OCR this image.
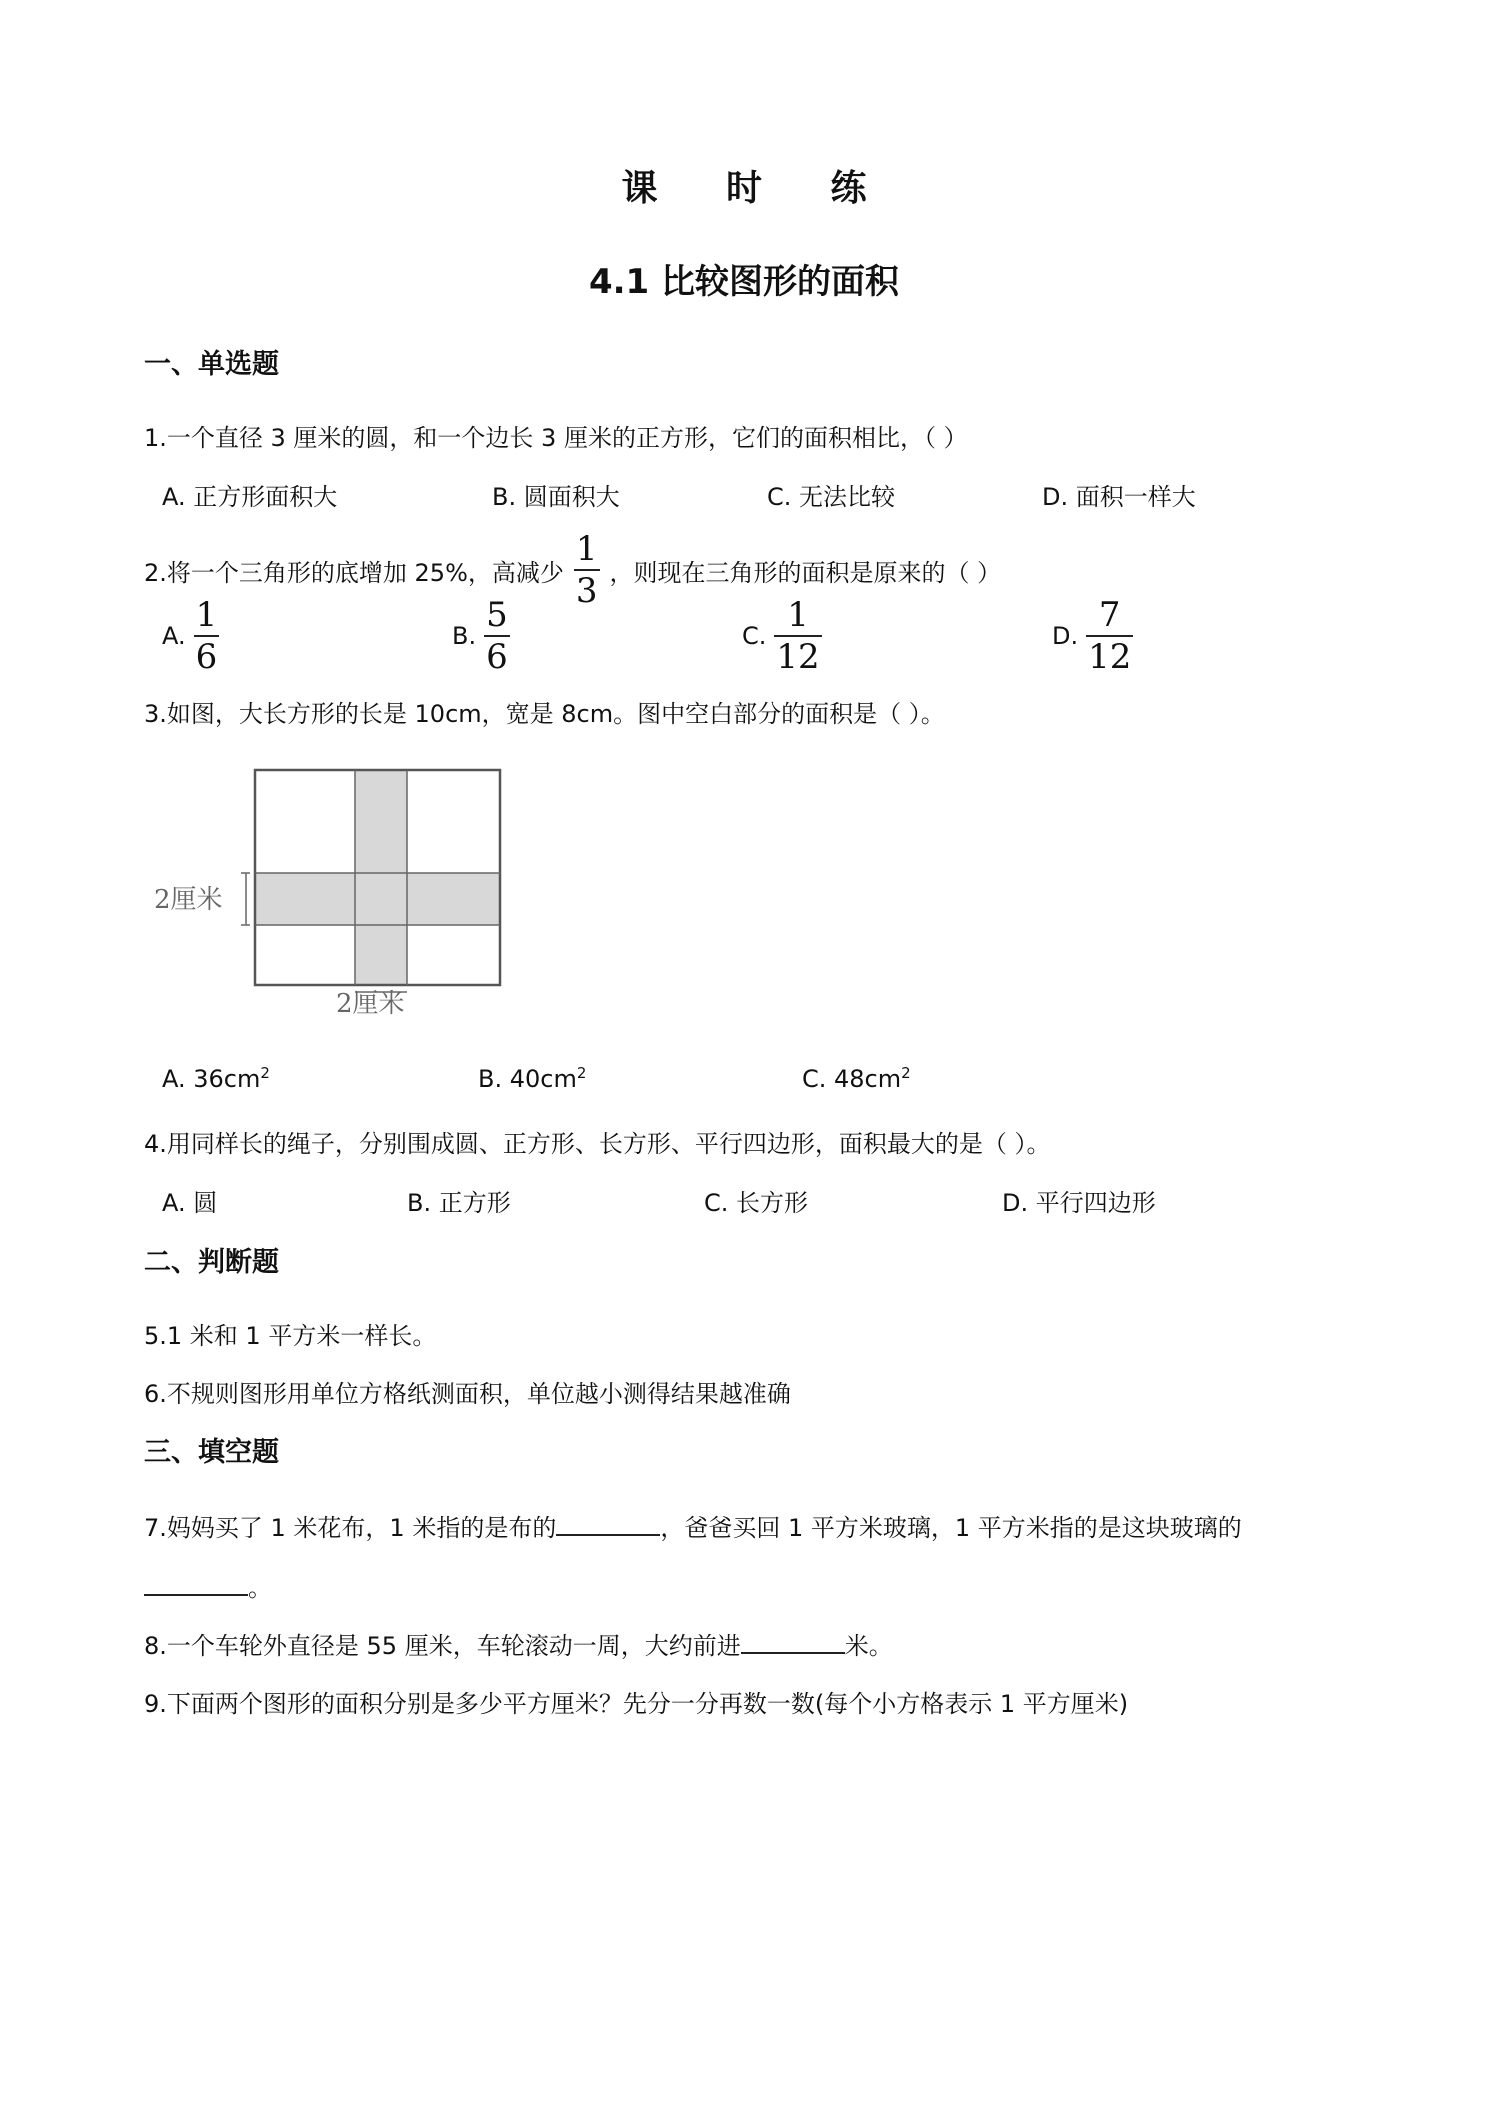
课 时 练
4.1 比较图形的面积
一、单选题
1.一个直径 3 厘米的圆，和一个边长 3 厘米的正方形，它们的面积相比，（ ）
A. 正方形面积大	B. 圆面积大	C. 无法比较	D. 面积一样大
2.将一个三角形的底增加 25%，高减少 $\frac{1}{3}$ ，则现在三角形的面积是原来的（ ）
A. $\frac{1}{6}$	B. $\frac{5}{6}$	C. $\frac{1}{12}$	D. $\frac{7}{12}$
3.如图，大长方形的长是 10cm，宽是 8cm。图中空白部分的面积是（ ）。
2厘米
2厘米
A. $36cm^2$	B. $40cm^2$	C. $48cm^2$
4.用同样长的绳子，分别围成圆、正方形、长方形、平行四边形，面积最大的是（ ）。
A. 圆	B. 正方形	C. 长方形	D. 平行四边形
二、判断题
5.1 米和 1 平方米一样长。
6.不规则图形用单位方格纸测面积，单位越小测得结果越准确
三、填空题
7.妈妈买了 1 米花布，1 米指的是布的	，爸爸买回 1 平方米玻璃，1 平方米指的是这块玻璃的
。
8.一个车轮外直径是 55 厘米，车轮滚动一周，大约前进	米。
9.下面两个图形的面积分别是多少平方厘米？先分一分再数一数(每个小方格表示 1 平方厘米)
